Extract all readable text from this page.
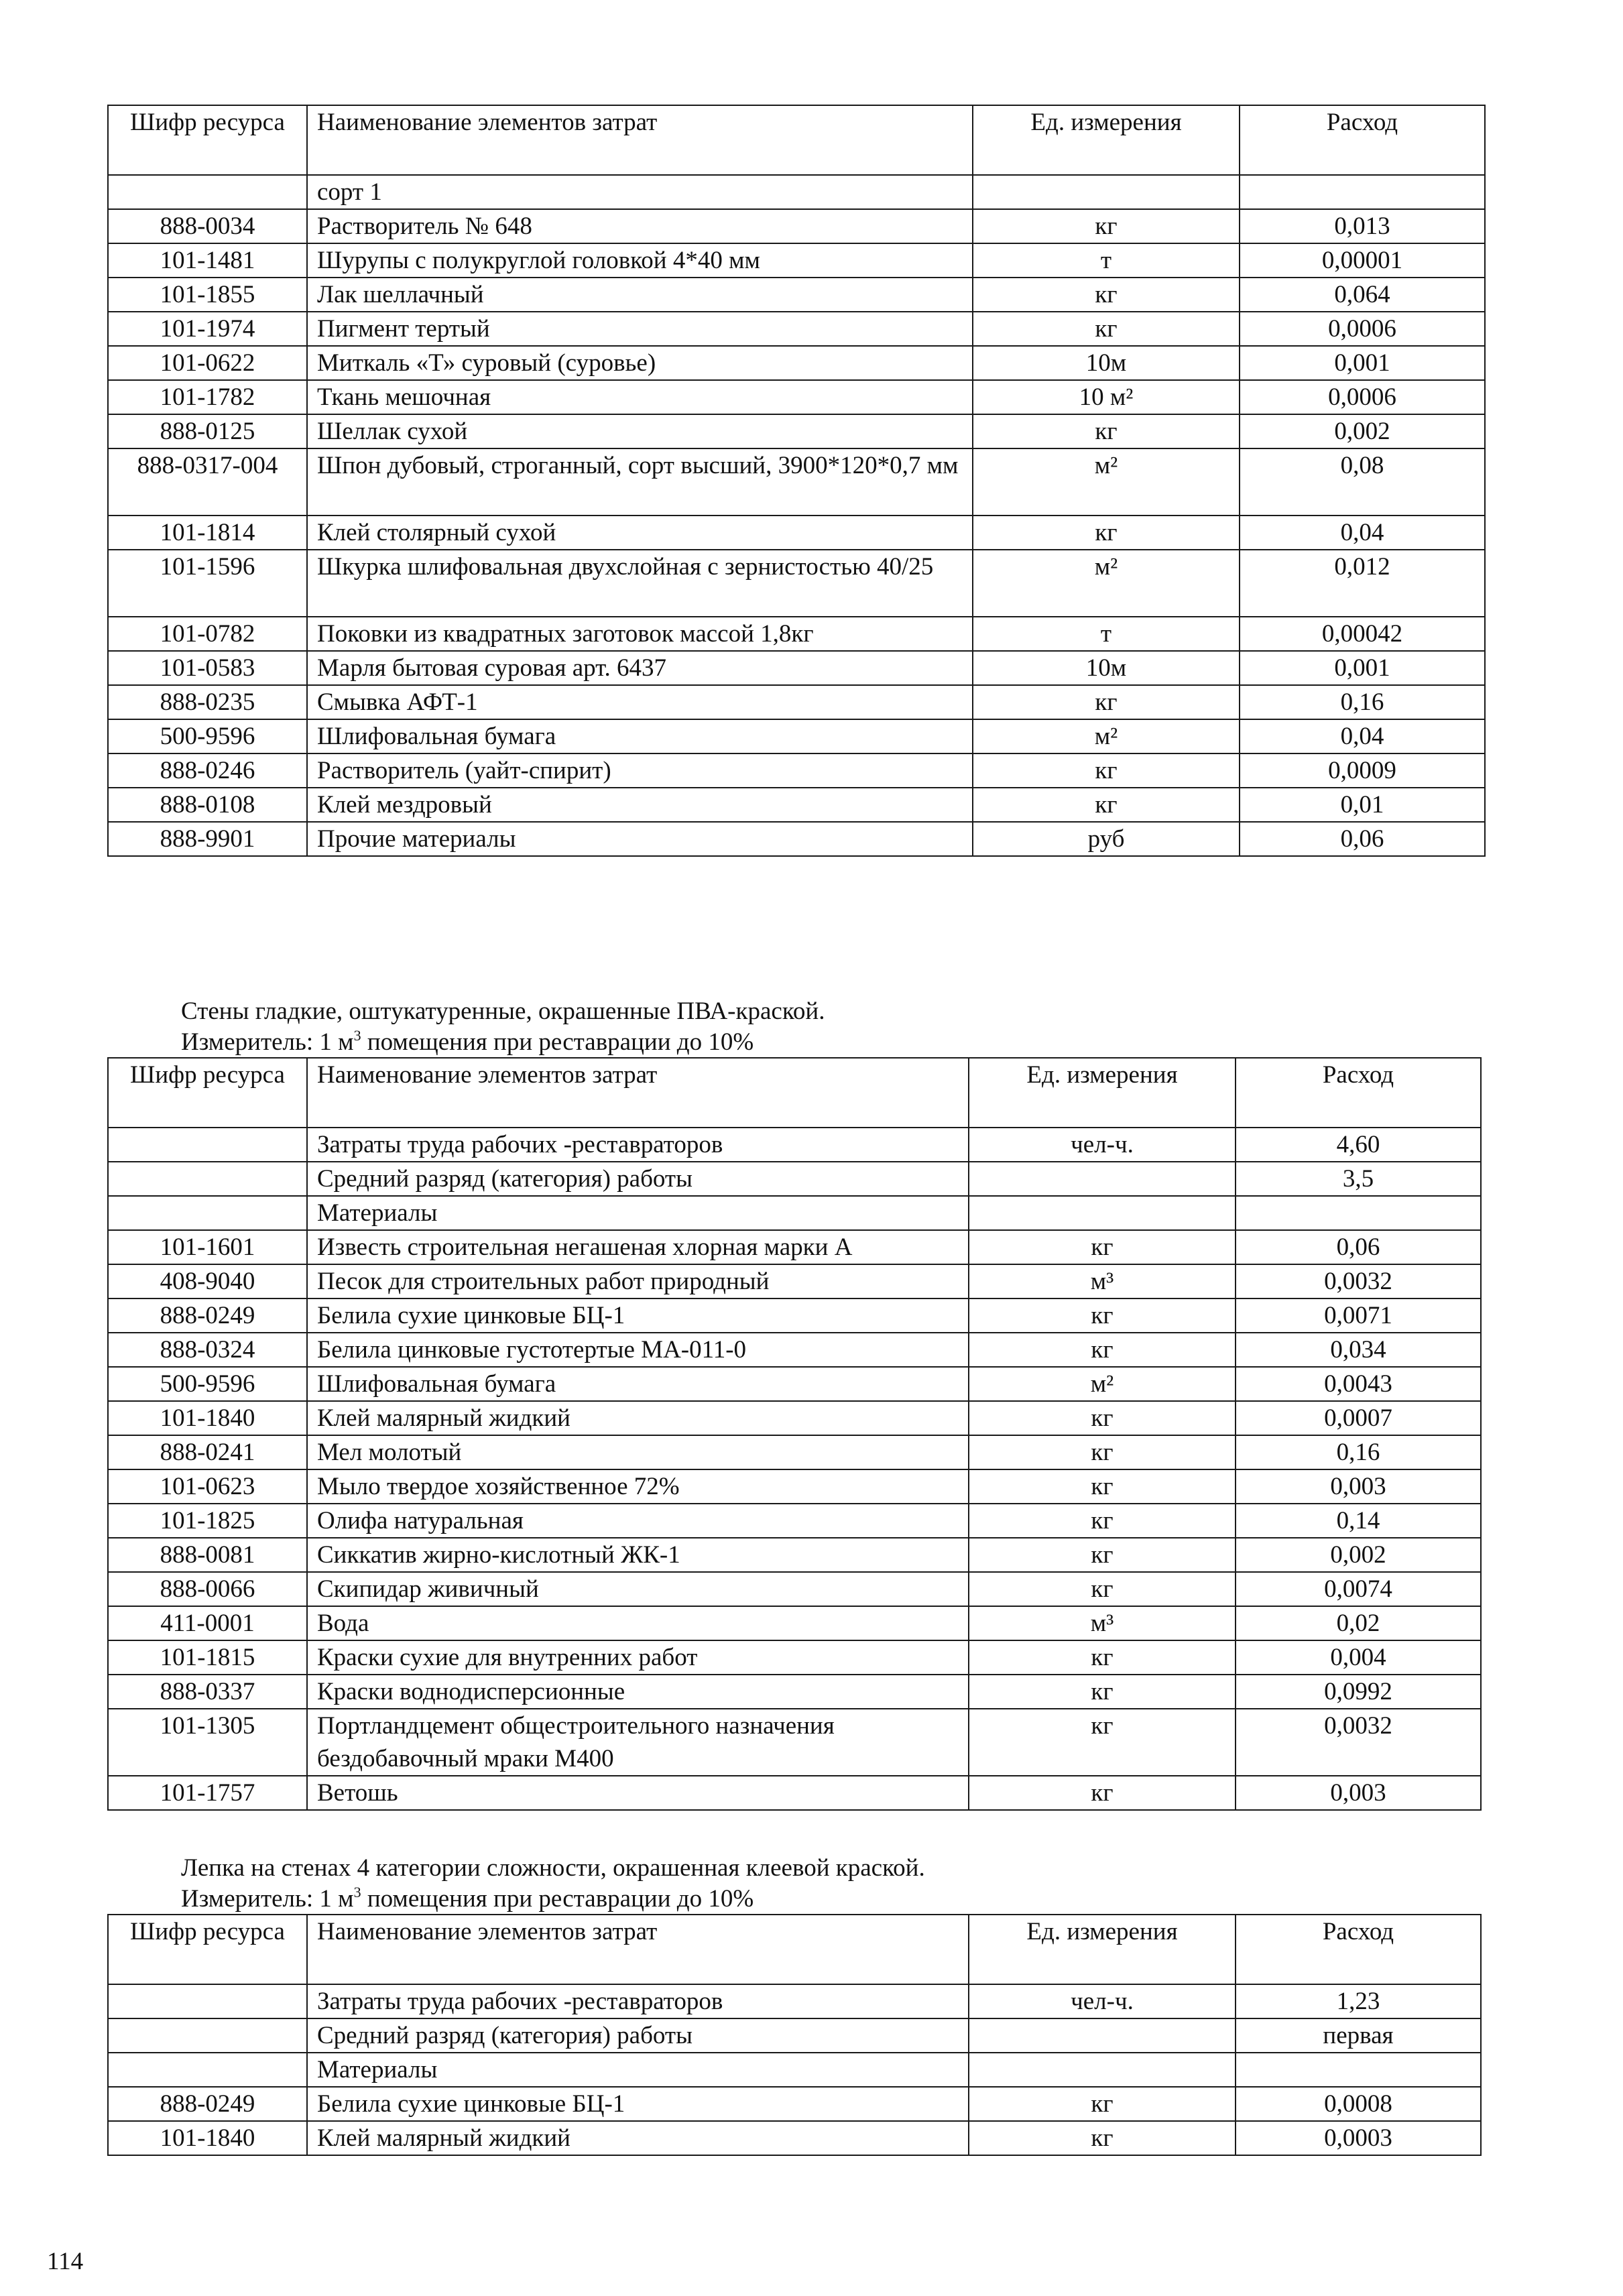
Шифр ресурса	Наименование элементов затрат	Ед. измерения	Расход
	сорт 1		
888-0034	Растворитель № 648	кг	0,013
101-1481	Шурупы с полукруглой головкой 4*40 мм	т	0,00001
101-1855	Лак шеллачный	кг	0,064
101-1974	Пигмент тертый	кг	0,0006
101-0622	Миткаль «Т» суровый (суровье)	10м	0,001
101-1782	Ткань мешочная	10 м²	0,0006
888-0125	Шеллак сухой	кг	0,002
888-0317-004	Шпон дубовый, строганный, сорт высший, 3900*120*0,7 мм	м²	0,08
101-1814	Клей столярный сухой	кг	0,04
101-1596	Шкурка шлифовальная двухслойная с зернистостью 40/25	м²	0,012
101-0782	Поковки из квадратных заготовок массой 1,8кг	т	0,00042
101-0583	Марля бытовая суровая арт. 6437	10м	0,001
888-0235	Смывка АФТ-1	кг	0,16
500-9596	Шлифовальная бумага	м²	0,04
888-0246	Растворитель (уайт-спирит)	кг	0,0009
888-0108	Клей мездровый	кг	0,01
888-9901	Прочие материалы	руб	0,06
Стены гладкие, оштукатуренные, окрашенные ПВА-краской.
Измеритель: 1 $м^3$ помещения при реставрации до 10%
Шифр ресурса	Наименование элементов затрат	Ед. измерения	Расход
	Затраты труда рабочих -реставраторов	чел-ч.	4,60
	Средний разряд (категория) работы		3,5
	Материалы		
101-1601	Известь строительная негашеная хлорная марки А	кг	0,06
408-9040	Песок для строительных работ природный	м³	0,0032
888-0249	Белила сухие цинковые БЦ-1	кг	0,0071
888-0324	Белила цинковые густотертые МА-011-0	кг	0,034
500-9596	Шлифовальная бумага	м²	0,0043
101-1840	Клей малярный жидкий	кг	0,0007
888-0241	Мел молотый	кг	0,16
101-0623	Мыло твердое хозяйственное 72%	кг	0,003
101-1825	Олифа натуральная	кг	0,14
888-0081	Сиккатив жирно-кислотный ЖК-1	кг	0,002
888-0066	Скипидар живичный	кг	0,0074
411-0001	Вода	м³	0,02
101-1815	Краски сухие для внутренних работ	кг	0,004
888-0337	Краски воднодисперсионные	кг	0,0992
101-1305	Портландцемент общестроительного назначения бездобавочный мраки М400	кг	0,0032
101-1757	Ветошь	кг	0,003
Лепка на стенах 4 категории сложности, окрашенная клеевой краской.
Измеритель: 1 $м^3$ помещения при реставрации до 10%
Шифр ресурса	Наименование элементов затрат	Ед. измерения	Расход
	Затраты труда рабочих -реставраторов	чел-ч.	1,23
	Средний разряд (категория) работы		первая
	Материалы		
888-0249	Белила сухие цинковые БЦ-1	кг	0,0008
101-1840	Клей малярный жидкий	кг	0,0003
114
